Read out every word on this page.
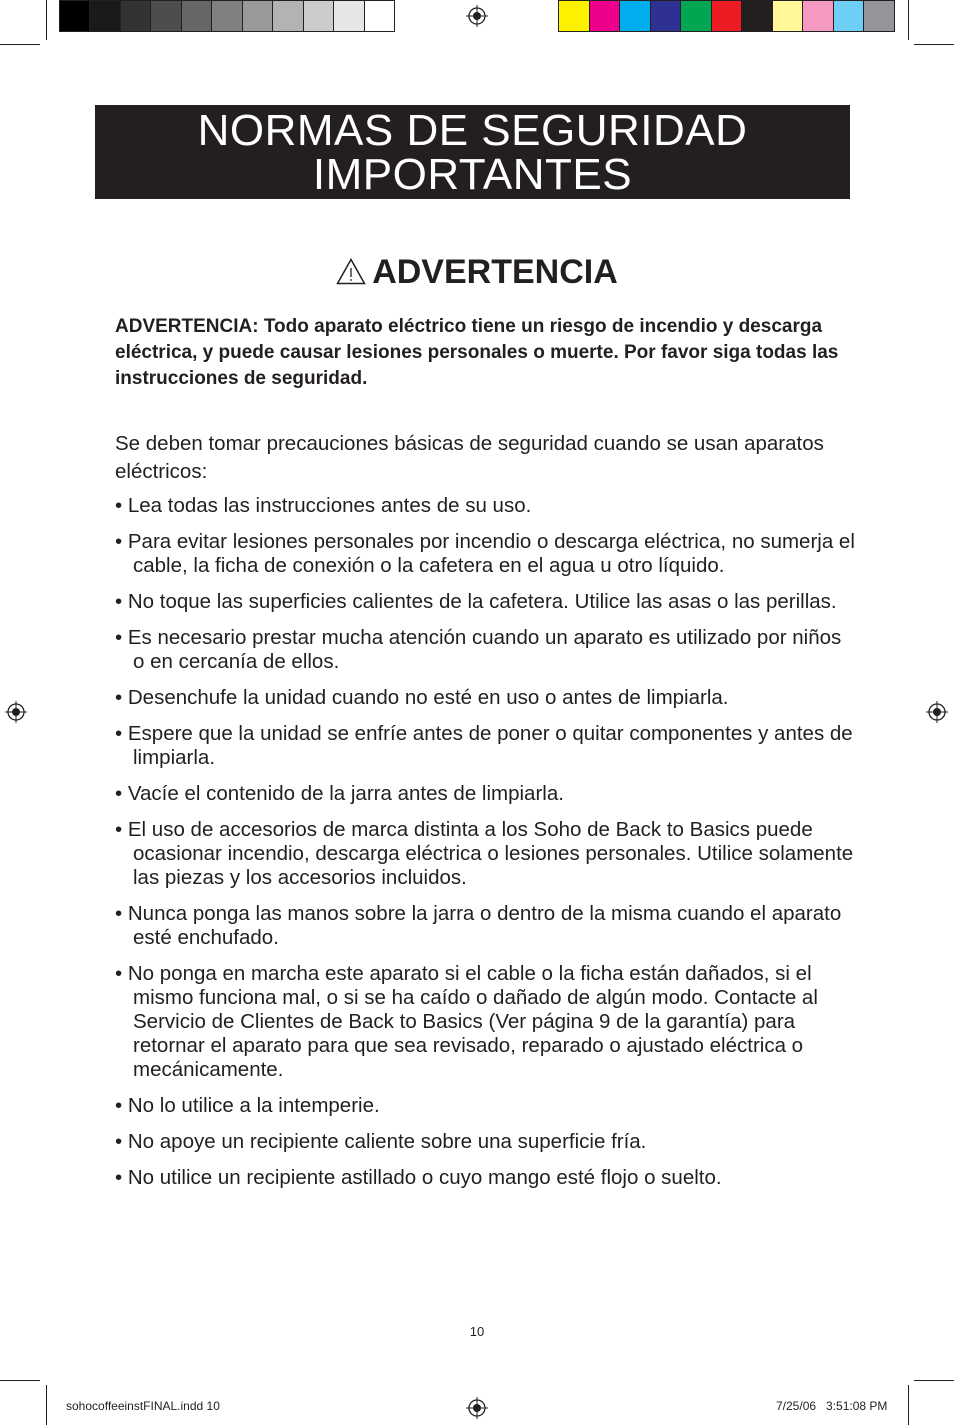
NORMAS DE SEGURIDAD
IMPORTANTES
ADVERTENCIA

ADVERTENCIA: Todo aparato eléctrico tiene un riesgo de incendio y descarga eléctrica, y puede causar lesiones personales o muerte. Por favor siga todas las instrucciones de seguridad.

Se deben tomar precauciones básicas de seguridad cuando se usan aparatos eléctricos:

• Lea todas las instrucciones antes de su uso.
• Para evitar lesiones personales por incendio o descarga eléctrica, no sumerja el cable, la ficha de conexión o la cafetera en el agua u otro líquido.
• No toque las superficies calientes de la cafetera. Utilice las asas o las perillas.
• Es necesario prestar mucha atención cuando un aparato es utilizado por niños o en cercanía de ellos.
• Desenchufe la unidad cuando no esté en uso o antes de limpiarla.
• Espere que la unidad se enfríe antes de poner o quitar componentes y antes de limpiarla.
• Vacíe el contenido de la jarra antes de limpiarla.
• El uso de accesorios de marca distinta a los Soho de Back to Basics puede ocasionar incendio, descarga eléctrica o lesiones personales. Utilice solamente las piezas y los accesorios incluidos.
• Nunca ponga las manos sobre la jarra o dentro de la misma cuando el aparato esté enchufado.
• No ponga en marcha este aparato si el cable o la ficha están dañados, si el mismo funciona mal, o si se ha caído o dañado de algún modo. Contacte al Servicio de Clientes de Back to Basics (Ver página 9 de la garantía) para retornar el aparato para que sea revisado, reparado o ajustado eléctrica o mecánicamente.
• No lo utilice a la intemperie.
• No apoye un recipiente caliente sobre una superficie fría.
• No utilice un recipiente astillado o cuyo mango esté flojo o suelto.
10
sohocoffeeinstFINAL.indd 10	7/25/06   3:51:08 PM
